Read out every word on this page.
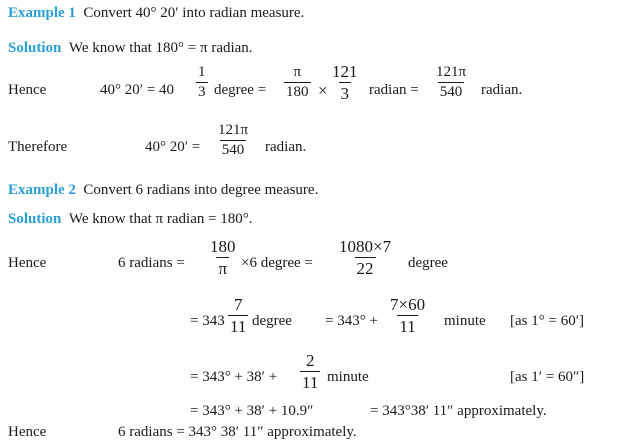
Example 1 Convert 40° 20′ into radian measure.
Solution We know that 180° = π radian.
Hence	40° $20' = 40 \frac{1}{3}$ degree = $\frac{\pi}{180} \times \frac{121}{3}$ radian = $\frac{121\pi}{540}$ radian.
Therefore	40° $20' = \frac{121\pi}{540}$ radian.
Example 2 Convert 6 radians into degree measure.
Solution We know that π radian = 180°.
Hence	6 radians = $\frac{180}{\pi} \times 6$ degree = $\frac{1080\times 7}{22}$ degree
= $343 \frac{7}{11}$ degree = $343^\circ + \frac{7\times 60}{11}$ minute [as 1° = 60′]
= $343^\circ + 38' + \frac{2}{11}$ minute	[as 1′ = 60″]
= 343° + 38′ + 10.9″	= 343°38′ 11″ approximately.
Hence	6 radians = 343° 38′ 11″ approximately.
